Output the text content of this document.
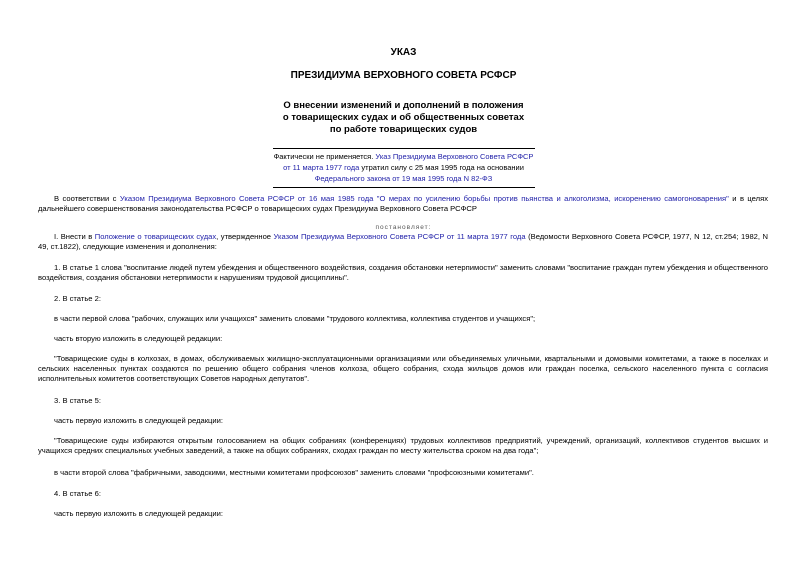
УКАЗ
ПРЕЗИДИУМА ВЕРХОВНОГО СОВЕТА РСФСР
О внесении изменений и дополнений в положения
о товарищеских судах и об общественных советах
по работе товарищеских судов
Фактически не применяется. Указ Президиума Верховного Совета РСФСР
от 11 марта 1977 года утратил силу с 25 мая 1995 года на основании
Федерального закона от 19 мая 1995 года N 82-ФЗ
В соответствии с Указом Президиума Верховного Совета РСФСР от 16 мая 1985 года "О мерах по усилению борьбы против пьянства и алкоголизма, искоренению самогоноварения" и в целях дальнейшего совершенствования законодательства РСФСР о товарищеских судах Президиума Верховного Совета РСФСР
постановляет:
I. Внести в Положение о товарищеских судах, утвержденное Указом Президиума Верховного Совета РСФСР от 11 марта 1977 года (Ведомости Верховного Совета РСФСР, 1977, N 12, ст.254; 1982, N 49, ст.1822), следующие изменения и дополнения:
1. В статье 1 слова "воспитание людей путем убеждения и общественного воздействия, создания обстановки нетерпимости" заменить словами "воспитание граждан путем убеждения и общественного воздействия, создания обстановки нетерпимости к нарушениям трудовой дисциплины".
2. В статье 2:
в части первой слова "рабочих, служащих или учащихся" заменить словами "трудового коллектива, коллектива студентов и учащихся";
часть вторую изложить в следующей редакции:
"Товарищеские суды в колхозах, в домах, обслуживаемых жилищно-эксплуатационными организациями или объединяемых уличными, квартальными и домовыми комитетами, а также в поселках и сельских населенных пунктах создаются по решению общего собрания членов колхоза, общего собрания, схода жильцов домов или граждан поселка, сельского населенного пункта с согласия исполнительных комитетов соответствующих Советов народных депутатов".
3. В статье 5:
часть первую изложить в следующей редакции:
"Товарищеские суды избираются открытым голосованием на общих собраниях (конференциях) трудовых коллективов предприятий, учреждений, организаций, коллективов студентов высших и учащихся средних специальных учебных заведений, а также на общих собраниях, сходах граждан по месту жительства сроком на два года";
в части второй слова "фабричными, заводскими, местными комитетами профсоюзов" заменить словами "профсоюзными комитетами".
4. В статье 6:
часть первую изложить в следующей редакции:
